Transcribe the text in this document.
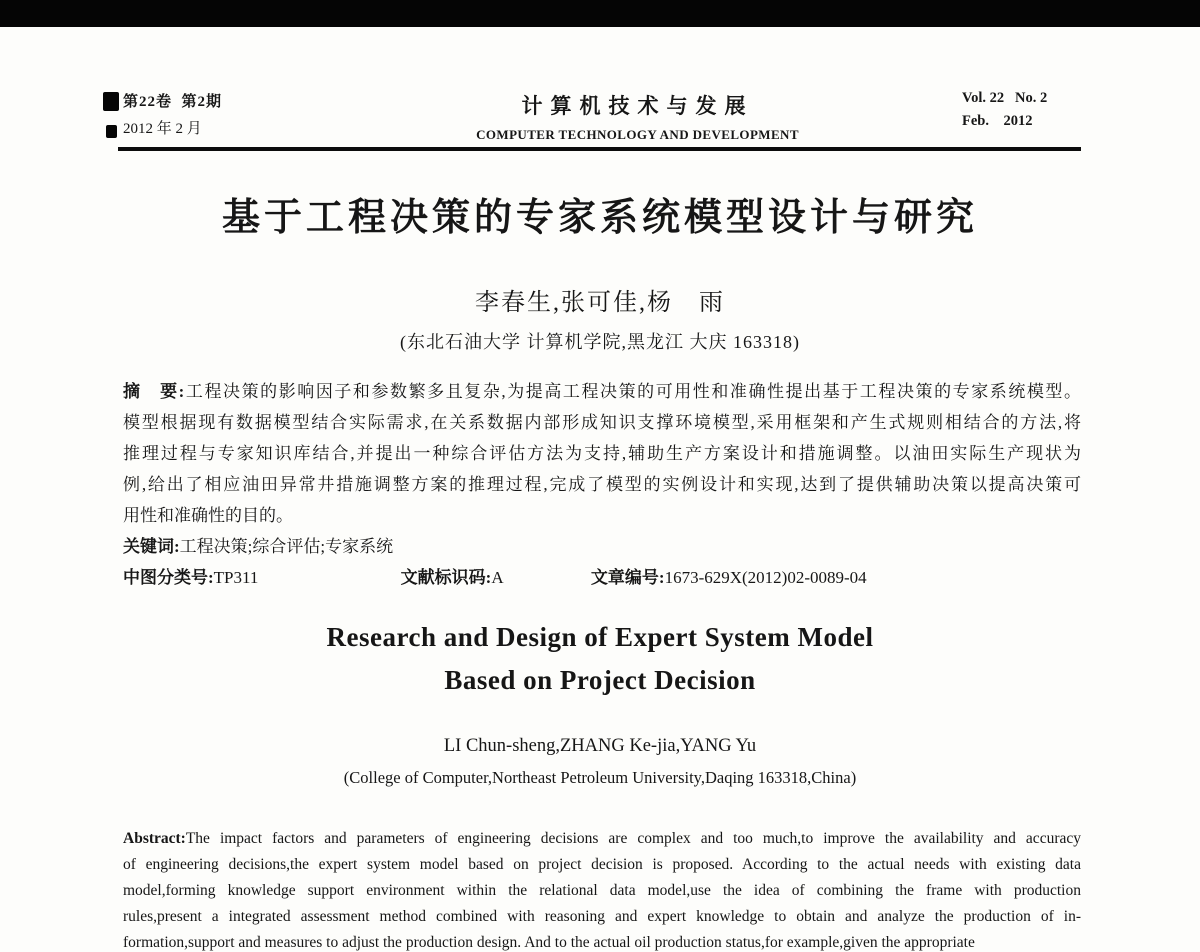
第22卷  第2期
2012 年 2 月
计算机技术与发展
COMPUTER TECHNOLOGY AND DEVELOPMENT
Vol. 22   No. 2
Feb.    2012
基于工程决策的专家系统模型设计与研究
李春生,张可佳,杨　雨
(东北石油大学 计算机学院,黑龙江 大庆 163318)
摘　要:工程决策的影响因子和参数繁多且复杂,为提高工程决策的可用性和准确性提出基于工程决策的专家系统模型。
模型根据现有数据模型结合实际需求,在关系数据内部形成知识支撑环境模型,采用框架和产生式规则相结合的方法,将
推理过程与专家知识库结合,并提出一种综合评估方法为支持,辅助生产方案设计和措施调整。以油田实际生产现状为
例,给出了相应油田异常井措施调整方案的推理过程,完成了模型的实例设计和实现,达到了提供辅助决策以提高决策可
用性和准确性的目的。
关键词:工程决策;综合评估;专家系统
中图分类号:TP311	文献标识码:A	文章编号:1673-629X(2012)02-0089-04
Research and Design of Expert System Model
Based on Project Decision
LI Chun-sheng,ZHANG Ke-jia,YANG Yu
(College of Computer,Northeast Petroleum University,Daqing 163318,China)
Abstract:The impact factors and parameters of engineering decisions are complex and too much,to improve the availability and accuracy
of engineering decisions,the expert system model based on project decision is proposed. According to the actual needs with existing data
model,forming knowledge support environment within the relational data model,use the idea of combining the frame with production
rules,present a integrated assessment method combined with reasoning and expert knowledge to obtain and analyze the production of in-
formation,support and measures to adjust the production design. And to the actual oil production status,for example,given the appropriate
